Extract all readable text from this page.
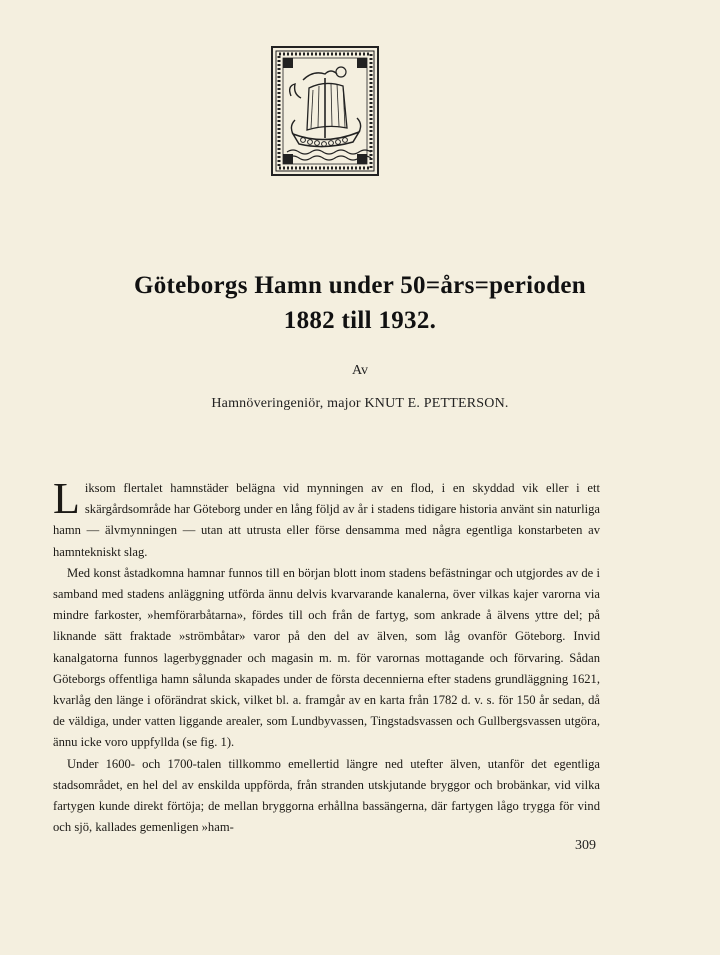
Göteborgs Hamn under 50=års=perioden
1882 till 1932.
Av
Hamnöveringeniör, major KNUT E. PETTERSON.

Liksom flertalet hamnstäder belägna vid mynningen av en flod, i en skyddad vik eller i ett skärgårdsområde har Göteborg under en lång följd av år i stadens tidigare historia använt sin naturliga hamn — älvmynningen — utan att utrusta eller förse densamma med några egentliga konstarbeten av hamntekniskt slag.

Med konst åstadkomna hamnar funnos till en början blott inom stadens befästningar och utgjordes av de i samband med stadens anläggning utförda ännu delvis kvarvarande kanalerna, över vilkas kajer varorna via mindre farkoster, »hemförarbåtarna», fördes till och från de fartyg, som ankrade å älvens yttre del; på liknande sätt fraktade »strömbåtar» varor på den del av älven, som låg ovanför Göteborg. Invid kanalgatorna funnos lagerbyggnader och magasin m. m. för varornas mottagande och förvaring. Sådan Göteborgs offentliga hamn sålunda skapades under de första decennierna efter stadens grundläggning 1621, kvarlåg den länge i oförändrat skick, vilket bl. a. framgår av en karta från 1782 d. v. s. för 150 år sedan, då de väldiga, under vatten liggande arealer, som Lundbyvassen, Tingstadsvassen och Gullbergsvassen utgöra, ännu icke voro uppfyllda (se fig. 1).

Under 1600- och 1700-talen tillkommo emellertid längre ned utefter älven, utanför det egentliga stadsområdet, en hel del av enskilda uppförda, från stranden utskjutande bryggor och brobänkar, vid vilka fartygen kunde direkt förtöja; de mellan bryggorna erhållna bassängerna, där fartygen lågo trygga för vind och sjö, kallades gemenligen »ham-

309
